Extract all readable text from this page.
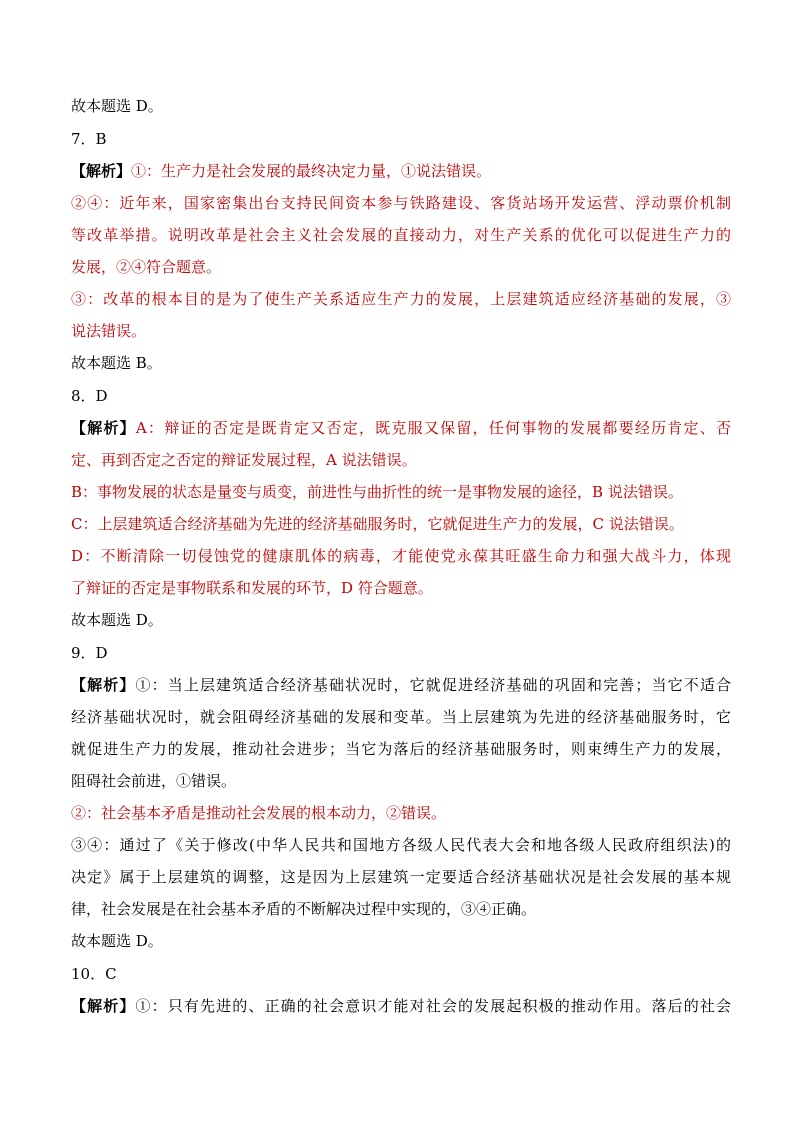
故本题选 D。
7．B
【解析】①：生产力是社会发展的最终决定力量，①说法错误。
②④：近年来，国家密集出台支持民间资本参与铁路建设、客货站场开发运营、浮动票价机制
等改革举措。说明改革是社会主义社会发展的直接动力，对生产关系的优化可以促进生产力的
发展，②④符合题意。
③：改革的根本目的是为了使生产关系适应生产力的发展，上层建筑适应经济基础的发展，③
说法错误。
故本题选 B。
8．D
【解析】A：辩证的否定是既肯定又否定，既克服又保留，任何事物的发展都要经历肯定、否
定、再到否定之否定的辩证发展过程，A 说法错误。
B：事物发展的状态是量变与质变，前进性与曲折性的统一是事物发展的途径，B 说法错误。
C：上层建筑适合经济基础为先进的经济基础服务时，它就促进生产力的发展，C 说法错误。
D：不断清除一切侵蚀党的健康肌体的病毒，才能使党永葆其旺盛生命力和强大战斗力，体现
了辩证的否定是事物联系和发展的环节，D 符合题意。
故本题选 D。
9．D
【解析】①：当上层建筑适合经济基础状况时，它就促进经济基础的巩固和完善；当它不适合
经济基础状况时，就会阻碍经济基础的发展和变革。当上层建筑为先进的经济基础服务时，它
就促进生产力的发展，推动社会进步；当它为落后的经济基础服务时，则束缚生产力的发展，
阻碍社会前进，①错误。
②：社会基本矛盾是推动社会发展的根本动力，②错误。
③④：通过了《关于修改(中华人民共和国地方各级人民代表大会和地各级人民政府组织法)的
决定》属于上层建筑的调整，这是因为上层建筑一定要适合经济基础状况是社会发展的基本规
律，社会发展是在社会基本矛盾的不断解决过程中实现的，③④正确。
故本题选 D。
10．C
【解析】①：只有先进的、正确的社会意识才能对社会的发展起积极的推动作用。落后的社会
